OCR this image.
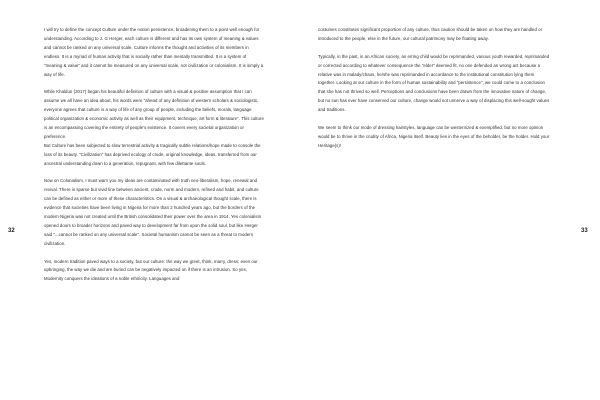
32	33

I will try to define the concept Culture under the notion persistence, broadening them to a point well enough for understanding. According to J. G Herger, each culture is different and has its own system of meaning & values and cannot be ranked on any universal scale. Culture informs the thought and activities of its members in endless. It is a myriad of human activity that is socially rather than mentally transmitted. It is a system of "meaning & value" and it cannot be measured on any universal scale, not civilization or colonialism. It is simply a way of life.

While Khaldun (2017) began his beautiful definition of culture with a visual & positive assumption that I can assume we all have an idea about, his words were "ahead of any definition of western scholars & sociologists, everyone agrees that culture is a way of life of any group of people, including the beliefs, morals, language political organization & economic activity as well as their equipment, technique, art form & literature". This culture is an encompassing covering the entirety of people's existence. It covers every societal organization or preference.

But Culture has been subjected to slow terrestrial activity & tragically subtle relations/hope made to console the loss of its beauty. "Civilization" has deprived ecology of crude, original knowledge, ideas, transferred from our ancestral understanding down to a generation, repugnant, with few dilettante souls.

Now on Colonialism, I must warn you my ideas are contaminated with truth neo-liberalism, hope, renewal and revival. There is sparse but vivid line between ancient, crude, norm and modern, refined and habit, and culture can be defined as either or more of these characteristics. On a visual & archaeological thought scale, there is evidence that societies have been living in Nigeria for more than 2 hundred years ago, but the borders of the modern Nigeria was not created until the British consolidated their power over the area in 1914. Yes colonialism opened doors to broader horizons and paved way to development far from upon the solid soul, but like Herger said "...cannot be ranked on any universal scale". Societal humanism cannot be seen as a threat to modern civilization.

Yes, modern tradition paved ways to a society, but our culture: the way we greet, think, marry, dress; even our upbringing, the way we die and are buried can be negatively impacted on if there is an intrusion. So yes, Modernity conquers the ideations of a noble ethnicity. Languages and

costumes constitutes significant proportion of any culture, thus caution should be taken on how they are handled or introduced to the people, else in the future, our cultural patrimony may be floating away.

Typically, in the past, in an African society, an erring child would be reprimanded, various youth rewarded, reprimanded or corrected according to whatever consequence the "elder" deemed fit, no one defended an wrong act because a relative was in malady/chaos, he/she was reprimanded in accordance to the institutional constitution lying them together. Looking at our culture in the form of human sustainability and "persistence", we could come to a conclusion that she has not thrived so well. Perceptions and conclusions have been drawn from the innovative nature of change, but no sun has ever have conserved our culture, change would not unnerve a way of displacing this well-sought values and traditions.

We seem to think our mode of dressing hairstyles, language can be westernized & exemplified, but no more opinion would be to thrive in the crudity of Africa, Nigeria itself. Beauty lies in the eyes of the beholder, be the holder. Hold your Heritage(s)!
